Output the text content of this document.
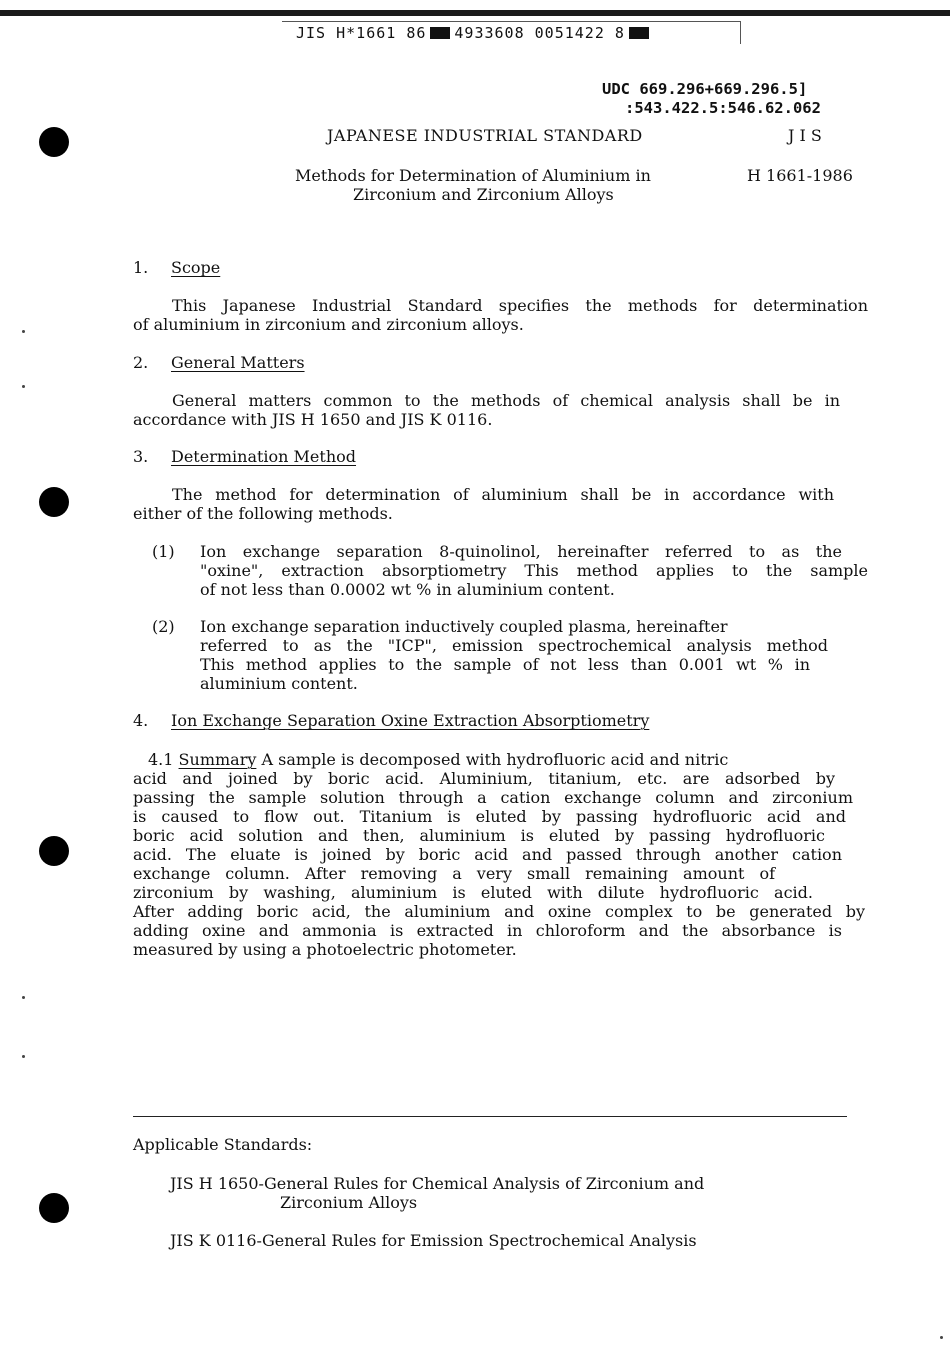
JIS H*1661 86 4933608 0051422 8
UDC 669.296+669.296.5]
:543.422.5:546.62.062
JAPANESE INDUSTRIAL STANDARD	J I S
Methods for Determination of Aluminium in
Zirconium and Zirconium Alloys
H 1661-1986
1. Scope
This Japanese Industrial Standard specifies the methods for determination
of aluminium in zirconium and zirconium alloys.
2. General Matters
General matters common to the methods of chemical analysis shall be in
accordance with JIS H 1650 and JIS K 0116.
3. Determination Method
The method for determination of aluminium shall be in accordance with
either of the following methods.
(1) Ion exchange separation 8-quinolinol, hereinafter referred to as the
"oxine", extraction absorptiometry This method applies to the sample
of not less than 0.0002 wt % in aluminium content.
(2) Ion exchange separation inductively coupled plasma, hereinafter
referred to as the "ICP", emission spectrochemical analysis method
This method applies to the sample of not less than 0.001 wt % in
aluminium content.
4. Ion Exchange Separation Oxine Extraction Absorptiometry
4.1 Summary A sample is decomposed with hydrofluoric acid and nitric
acid and joined by boric acid. Aluminium, titanium, etc. are adsorbed by
passing the sample solution through a cation exchange column and zirconium
is caused to flow out. Titanium is eluted by passing hydrofluoric acid and
boric acid solution and then, aluminium is eluted by passing hydrofluoric
acid. The eluate is joined by boric acid and passed through another cation
exchange column. After removing a very small remaining amount of
zirconium by washing, aluminium is eluted with dilute hydrofluoric acid.
After adding boric acid, the aluminium and oxine complex to be generated by
adding oxine and ammonia is extracted in chloroform and the absorbance is
measured by using a photoelectric photometer.
Applicable Standards:
JIS H 1650-General Rules for Chemical Analysis of Zirconium and
Zirconium Alloys
JIS K 0116-General Rules for Emission Spectrochemical Analysis
